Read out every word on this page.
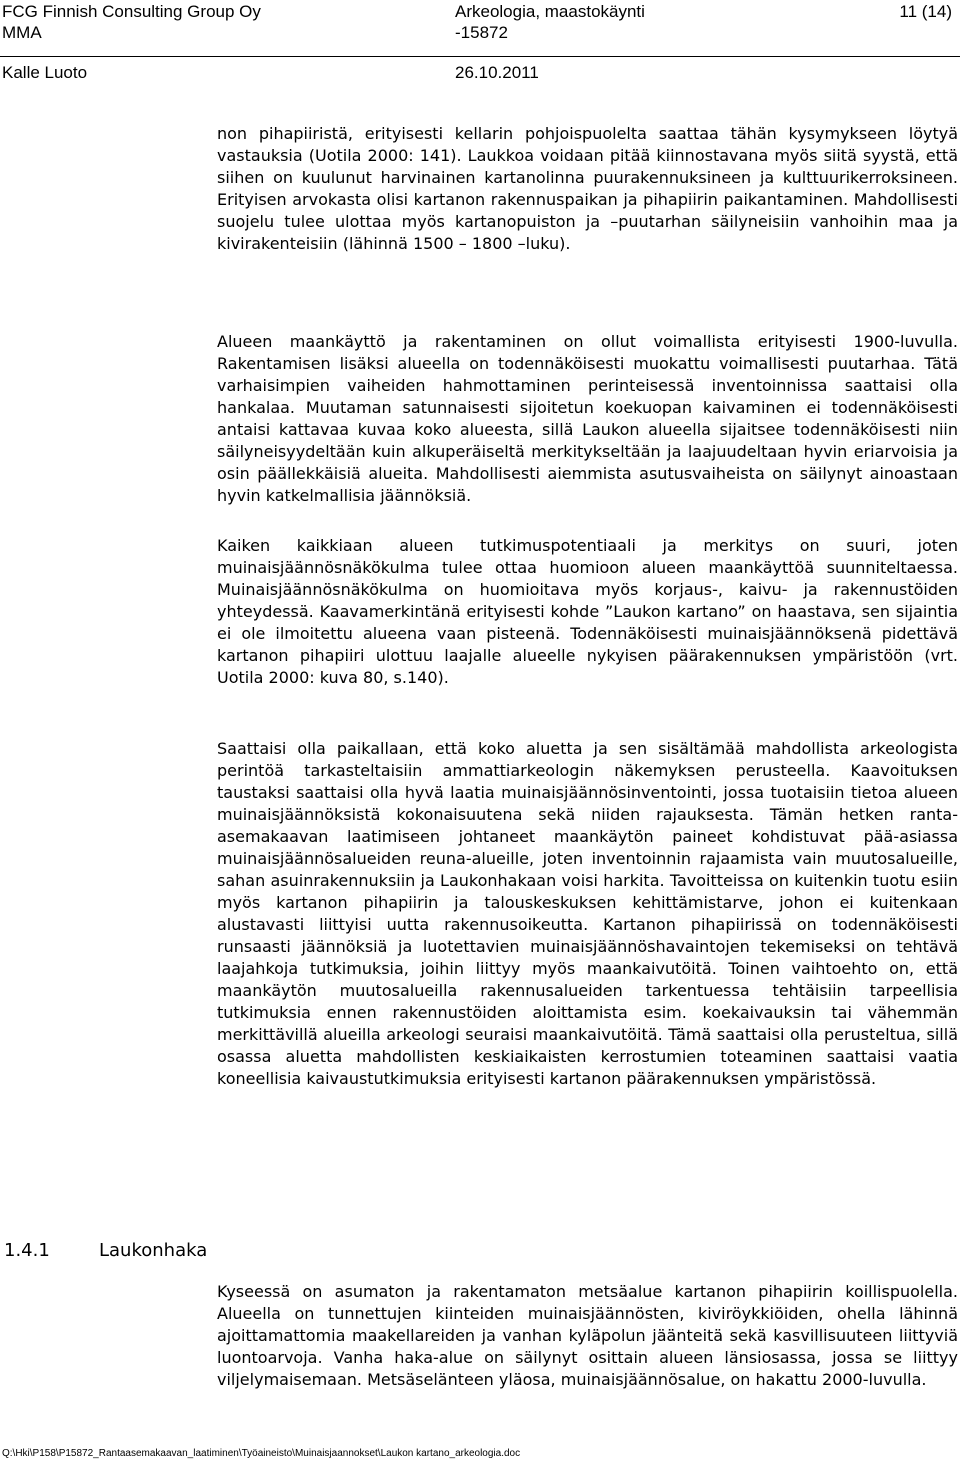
FCG Finnish Consulting Group Oy
MMA
Kalle Luoto
Arkeologia, maastokäynti
-15872
26.10.2011
11 (14)

non pihapiiristä, erityisesti kellarin pohjoispuolelta saattaa tähän kysymykseen löytyä vastauksia (Uotila 2000: 141). Laukkoa voidaan pitää kiinnostavana myös siitä syystä, että siihen on kuulunut harvinainen kartanolinna puurakennuksineen ja kulttuurikerroksineen. Erityisen arvokasta olisi kartanon rakennuspaikan ja pihapiirin paikantaminen. Mahdollisesti suojelu tulee ulottaa myös kartanopuiston ja –puutarhan säilyneisiin vanhoihin maa ja kivirakenteisiin (lähinnä 1500 – 1800 –luku).

Alueen maankäyttö ja rakentaminen on ollut voimallista erityisesti 1900-luvulla. Rakentamisen lisäksi alueella on todennäköisesti muokattu voimallisesti puutarhaa. Tätä varhaisimpien vaiheiden hahmottaminen perinteisessä inventoinnissa saattaisi olla hankalaa. Muutaman satunnaisesti sijoitetun koekuopan kaivaminen ei todennäköisesti antaisi kattavaa kuvaa koko alueesta, sillä Laukon alueella sijaitsee todennäköisesti niin säilyneisyydeltään kuin alkuperäiseltä merkitykseltään ja laajuudeltaan hyvin eriarvoisia ja osin päällekkäisiä alueita. Mahdollisesti aiemmista asutusvaiheista on säilynyt ainoastaan hyvin katkelmallisia jäännöksiä.

Kaiken kaikkiaan alueen tutkimuspotentiaali ja merkitys on suuri, joten muinaisjäännösnäkökulma tulee ottaa huomioon alueen maankäyttöä suunniteltaessa. Muinaisjäännösnäkökulma on huomioitava myös korjaus-, kaivu- ja rakennustöiden yhteydessä. Kaavamerkintänä erityisesti kohde ”Laukon kartano” on haastava, sen sijaintia ei ole ilmoitettu alueena vaan pisteenä. Todennäköisesti muinaisjäännöksenä pidettävä kartanon pihapiiri ulottuu laajalle alueelle nykyisen päärakennuksen ympäristöön (vrt. Uotila 2000: kuva 80, s.140).

Saattaisi olla paikallaan, että koko aluetta ja sen sisältämää mahdollista arkeologista perintöä tarkasteltaisiin ammattiarkeologin näkemyksen perusteella. Kaavoituksen taustaksi saattaisi olla hyvä laatia muinaisjäännösinventointi, jossa tuotaisiin tietoa alueen muinaisjäännöksistä kokonaisuutena sekä niiden rajauksesta. Tämän hetken ranta-asemakaavan laatimiseen johtaneet maankäytön paineet kohdistuvat pää-asiassa muinaisjäännösalueiden reuna-alueille, joten inventoinnin rajaamista vain muutosalueille, sahan asuinrakennuksiin ja Laukonhakaan voisi harkita. Tavoitteissa on kuitenkin tuotu esiin myös kartanon pihapiirin ja talouskeskuksen kehittämistarve, johon ei kuitenkaan alustavasti liittyisi uutta rakennusoikeutta. Kartanon pihapiirissä on todennäköisesti runsaasti jäännöksiä ja luotettavien muinaisjäännöshavaintojen tekemiseksi on tehtävä laajahkoja tutkimuksia, joihin liittyy myös maankaivutöitä. Toinen vaihtoehto on, että maankäytön muutosalueilla rakennusalueiden tarkentuessa tehtäisiin tarpeellisia tutkimuksia ennen rakennustöiden aloittamista esim. koekaivauksin tai vähemmän merkittävillä alueilla arkeologi seuraisi maankaivutöitä. Tämä saattaisi olla perusteltua, sillä osassa aluetta mahdollisten keskiaikaisten kerrostumien toteaminen saattaisi vaatia koneellisia kaivaustutkimuksia erityisesti kartanon päärakennuksen ympäristössä.

1.4.1	Laukonhaka

Kyseessä on asumaton ja rakentamaton metsäalue kartanon pihapiirin koillispuolella. Alueella on tunnettujen kiinteiden muinaisjäännösten, kiviröykkiöiden, ohella lähinnä ajoittamattomia maakellareiden ja vanhan kyläpolun jäänteitä sekä kasvillisuuteen liittyviä luontoarvoja. Vanha haka-alue on säilynyt osittain alueen länsiosassa, jossa se liittyy viljelymaisemaan. Metsäselänteen yläosa, muinaisjäännösalue, on hakattu 2000-luvulla.

Q:\Hki\P158\P15872_Rantaasemakaavan_laatiminen\Työaineisto\Muinaisjaannokset\Laukon kartano_arkeologia.doc
